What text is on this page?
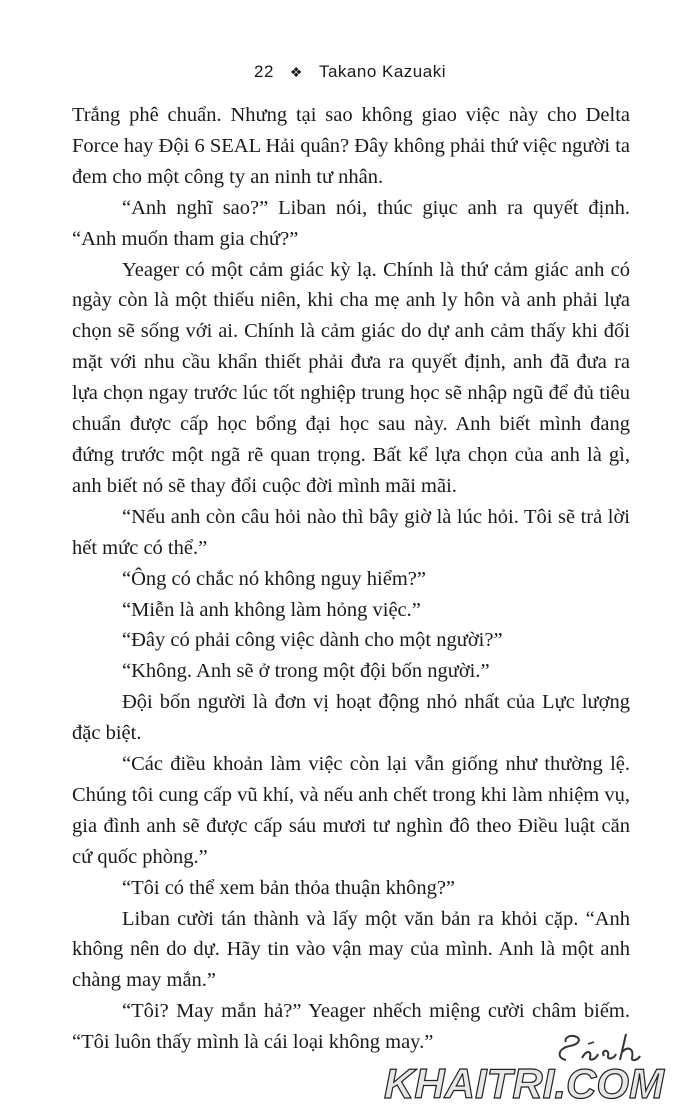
22 ❖ Takano Kazuaki

Trắng phê chuẩn. Nhưng tại sao không giao việc này cho Delta Force hay Đội 6 SEAL Hải quân? Đây không phải thứ việc người ta đem cho một công ty an ninh tư nhân.

“Anh nghĩ sao?” Liban nói, thúc giục anh ra quyết định. “Anh muốn tham gia chứ?”

Yeager có một cảm giác kỳ lạ. Chính là thứ cảm giác anh có ngày còn là một thiếu niên, khi cha mẹ anh ly hôn và anh phải lựa chọn sẽ sống với ai. Chính là cảm giác do dự anh cảm thấy khi đối mặt với nhu cầu khẩn thiết phải đưa ra quyết định, anh đã đưa ra lựa chọn ngay trước lúc tốt nghiệp trung học sẽ nhập ngũ để đủ tiêu chuẩn được cấp học bổng đại học sau này. Anh biết mình đang đứng trước một ngã rẽ quan trọng. Bất kể lựa chọn của anh là gì, anh biết nó sẽ thay đổi cuộc đời mình mãi mãi.

“Nếu anh còn câu hỏi nào thì bây giờ là lúc hỏi. Tôi sẽ trả lời hết mức có thể.”

“Ông có chắc nó không nguy hiểm?”

“Miễn là anh không làm hỏng việc.”

“Đây có phải công việc dành cho một người?”

“Không. Anh sẽ ở trong một đội bốn người.”

Đội bốn người là đơn vị hoạt động nhỏ nhất của Lực lượng đặc biệt.

“Các điều khoản làm việc còn lại vẫn giống như thường lệ. Chúng tôi cung cấp vũ khí, và nếu anh chết trong khi làm nhiệm vụ, gia đình anh sẽ được cấp sáu mươi tư nghìn đô theo Điều luật căn cứ quốc phòng.”

“Tôi có thể xem bản thỏa thuận không?”

Liban cười tán thành và lấy một văn bản ra khỏi cặp. “Anh không nên do dự. Hãy tin vào vận may của mình. Anh là một anh chàng may mắn.”

“Tôi? May mắn hả?” Yeager nhếch miệng cười châm biếm. “Tôi luôn thấy mình là cái loại không may.”

KHAITRI.COM
